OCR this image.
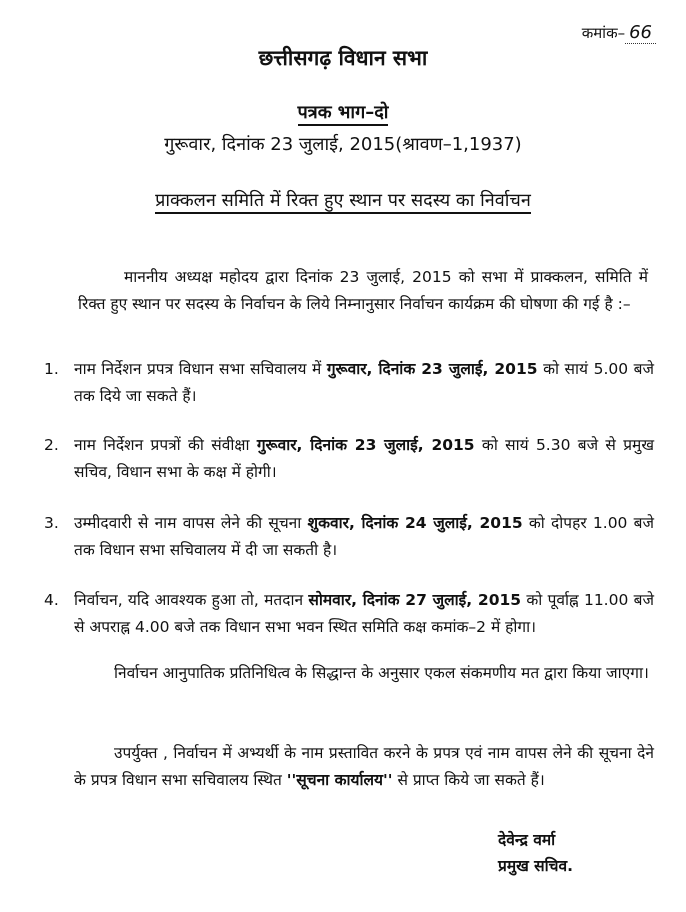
कमांक– 66
छत्तीसगढ़ विधान सभा
पत्रक भाग–दो
गुरूवार, दिनांक 23 जुलाई, 2015(श्रावण–1,1937)
प्राक्कलन समिति में रिक्त हुए स्थान पर सदस्य का निर्वाचन
माननीय अध्यक्ष महोदय द्वारा दिनांक 23 जुलाई, 2015 को सभा में प्राक्कलन, समिति में रिक्त हुए स्थान पर सदस्य के निर्वाचन के लिये निम्नानुसार निर्वाचन कार्यक्रम की घोषणा की गई है :–
1. नाम निर्देशन प्रपत्र विधान सभा सचिवालय में गुरूवार, दिनांक 23 जुलाई, 2015 को सायं 5.00 बजे तक दिये जा सकते हैं।
2. नाम निर्देशन प्रपत्रों की संवीक्षा गुरूवार, दिनांक 23 जुलाई, 2015 को सायं 5.30 बजे से प्रमुख सचिव, विधान सभा के कक्ष में होगी।
3. उम्मीदवारी से नाम वापस लेने की सूचना शुकवार, दिनांक 24 जुलाई, 2015 को दोपहर 1.00 बजे तक विधान सभा सचिवालय में दी जा सकती है।
4. निर्वाचन, यदि आवश्यक हुआ तो, मतदान सोमवार, दिनांक 27 जुलाई, 2015 को पूर्वाह्न 11.00 बजे से अपराह्न 4.00 बजे तक विधान सभा भवन स्थित समिति कक्ष कमांक–2 में होगा।
निर्वाचन आनुपातिक प्रतिनिधित्व के सिद्धान्त के अनुसार एकल संकमणीय मत द्वारा किया जाएगा।
उपर्युक्त , निर्वाचन में अभ्यर्थी के नाम प्रस्तावित करने के प्रपत्र एवं नाम वापस लेने की सूचना देने के प्रपत्र विधान सभा सचिवालय स्थित ''सूचना कार्यालय'' से प्राप्त किये जा सकते हैं।
देवेन्द्र वर्मा
प्रमुख सचिव.
